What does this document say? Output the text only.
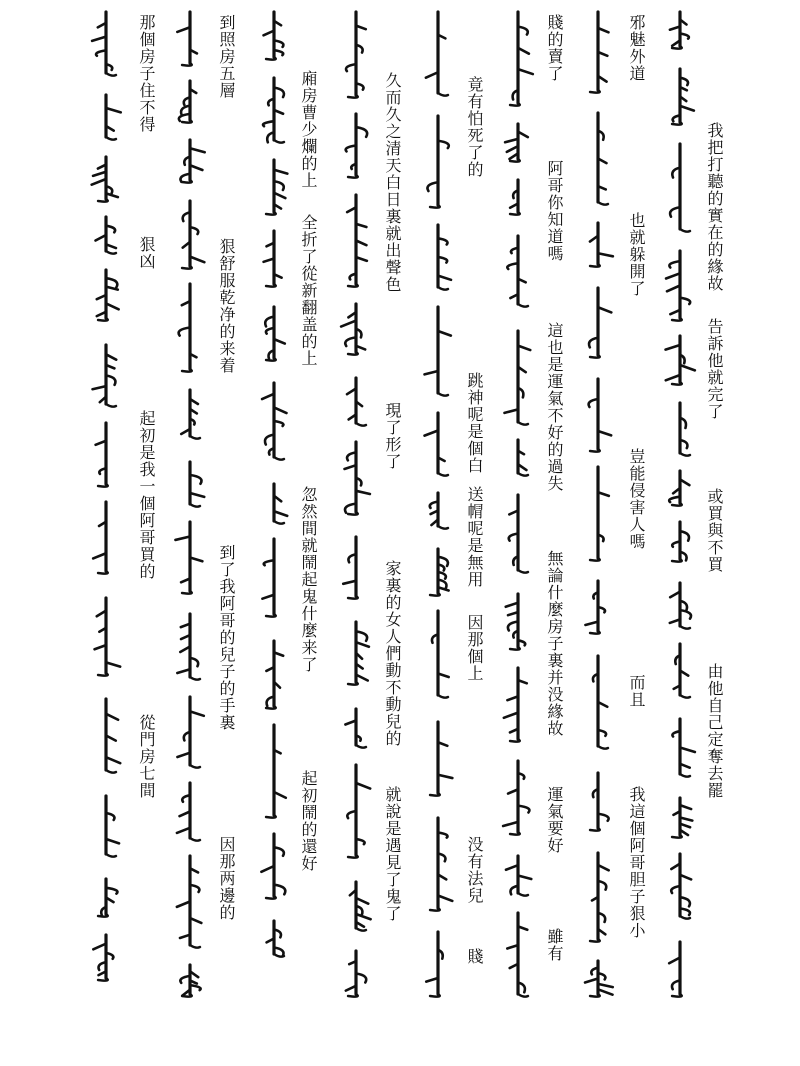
我把打聽的實在的緣故
告訴他就完了
或買與不買
由他自己定奪去罷
我這個阿哥胆子狠小
雖有
阿哥你知道嗎
這也是運氣不好的過失
無論什麼房子裏并没緣故
運氣要好
竟有怕死了的
跳神呢是個白
送㡌呢是無用
因那個上
没有法兒
賤
久而久之清天白日裏就出聲色
現了形了
家裏的女人們動不動兒的
就說是遇見了鬼了
廂房曹少爛的上
全折了從新翻盖的上
忽然間就鬧起鬼什麼来了
起初鬧的還好
到照房五層
狠舒服乾净的来着
到了我阿哥的兒子的手裏
因那两邊的
那個房子住不得
狠凶
起初是我一個阿哥買的
從門房七間
邪魅外道
也就躲開了
豈能侵害人嗎
而且
賤的賣了
